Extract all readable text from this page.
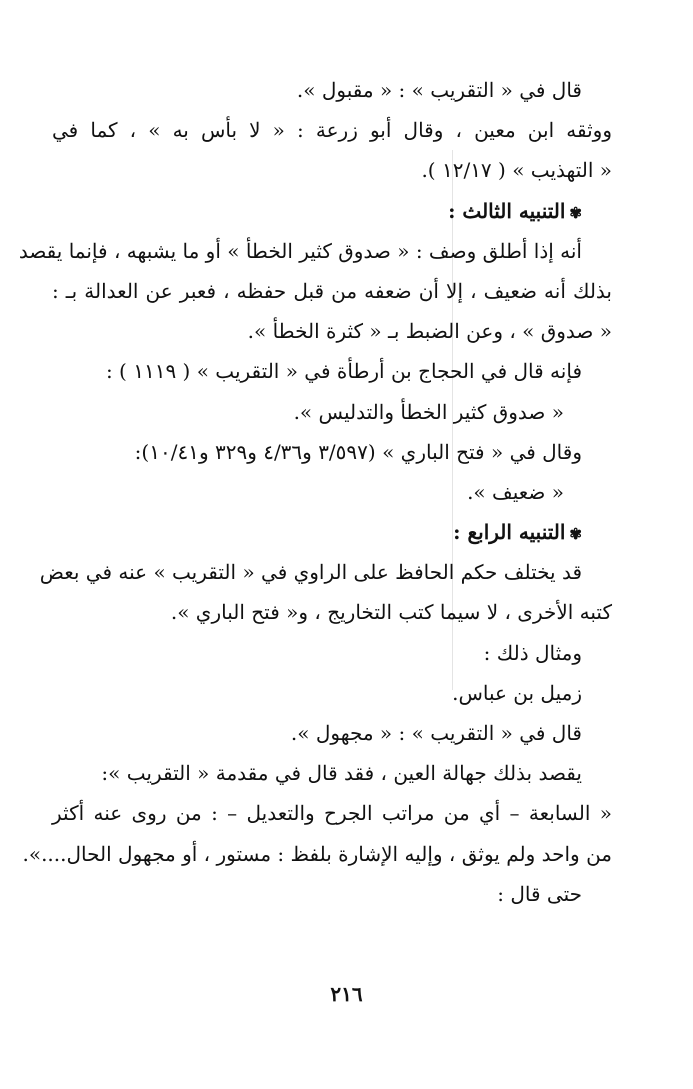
قال في « التقريب » : « مقبول ».
ووثقه ابن معين ، وقال أبو زرعة : « لا بأس به » ، كما في
« التهذيب » ( ١٢/١٧ ).
✾التنبيه الثالث :
أنه إذا أطلق وصف : « صدوق كثير الخطأ » أو ما يشبهه ، فإنما يقصد
بذلك أنه ضعيف ، إلا أن ضعفه من قبل حفظه ، فعبر عن العدالة بـ :
« صدوق » ، وعن الضبط بـ « كثرة الخطأ ».
فإنه قال في الحجاج بن أرطأة في « التقريب » ( ١١١٩ ) :
« صدوق كثير الخطأ والتدليس ».
وقال في « فتح الباري » (٣/٥٩٧ و٤/٣٦ و٣٢٩ و١٠/٤١):
« ضعيف ».
✾التنبيه الرابع :
قد يختلف حكم الحافظ على الراوي في « التقريب » عنه في بعض
كتبه الأخرى ، لا سيما كتب التخاريج ، و« فتح الباري ».
ومثال ذلك :
زميل بن عباس.
قال في « التقريب » : « مجهول ».
يقصد بذلك جهالة العين ، فقد قال في مقدمة « التقريب »:
« السابعة – أي من مراتب الجرح والتعديل – : من روى عنه أكثر
من واحد ولم يوثق ، وإليه الإشارة بلفظ : مستور ، أو مجهول الحال....».
حتى قال :
٢١٦
